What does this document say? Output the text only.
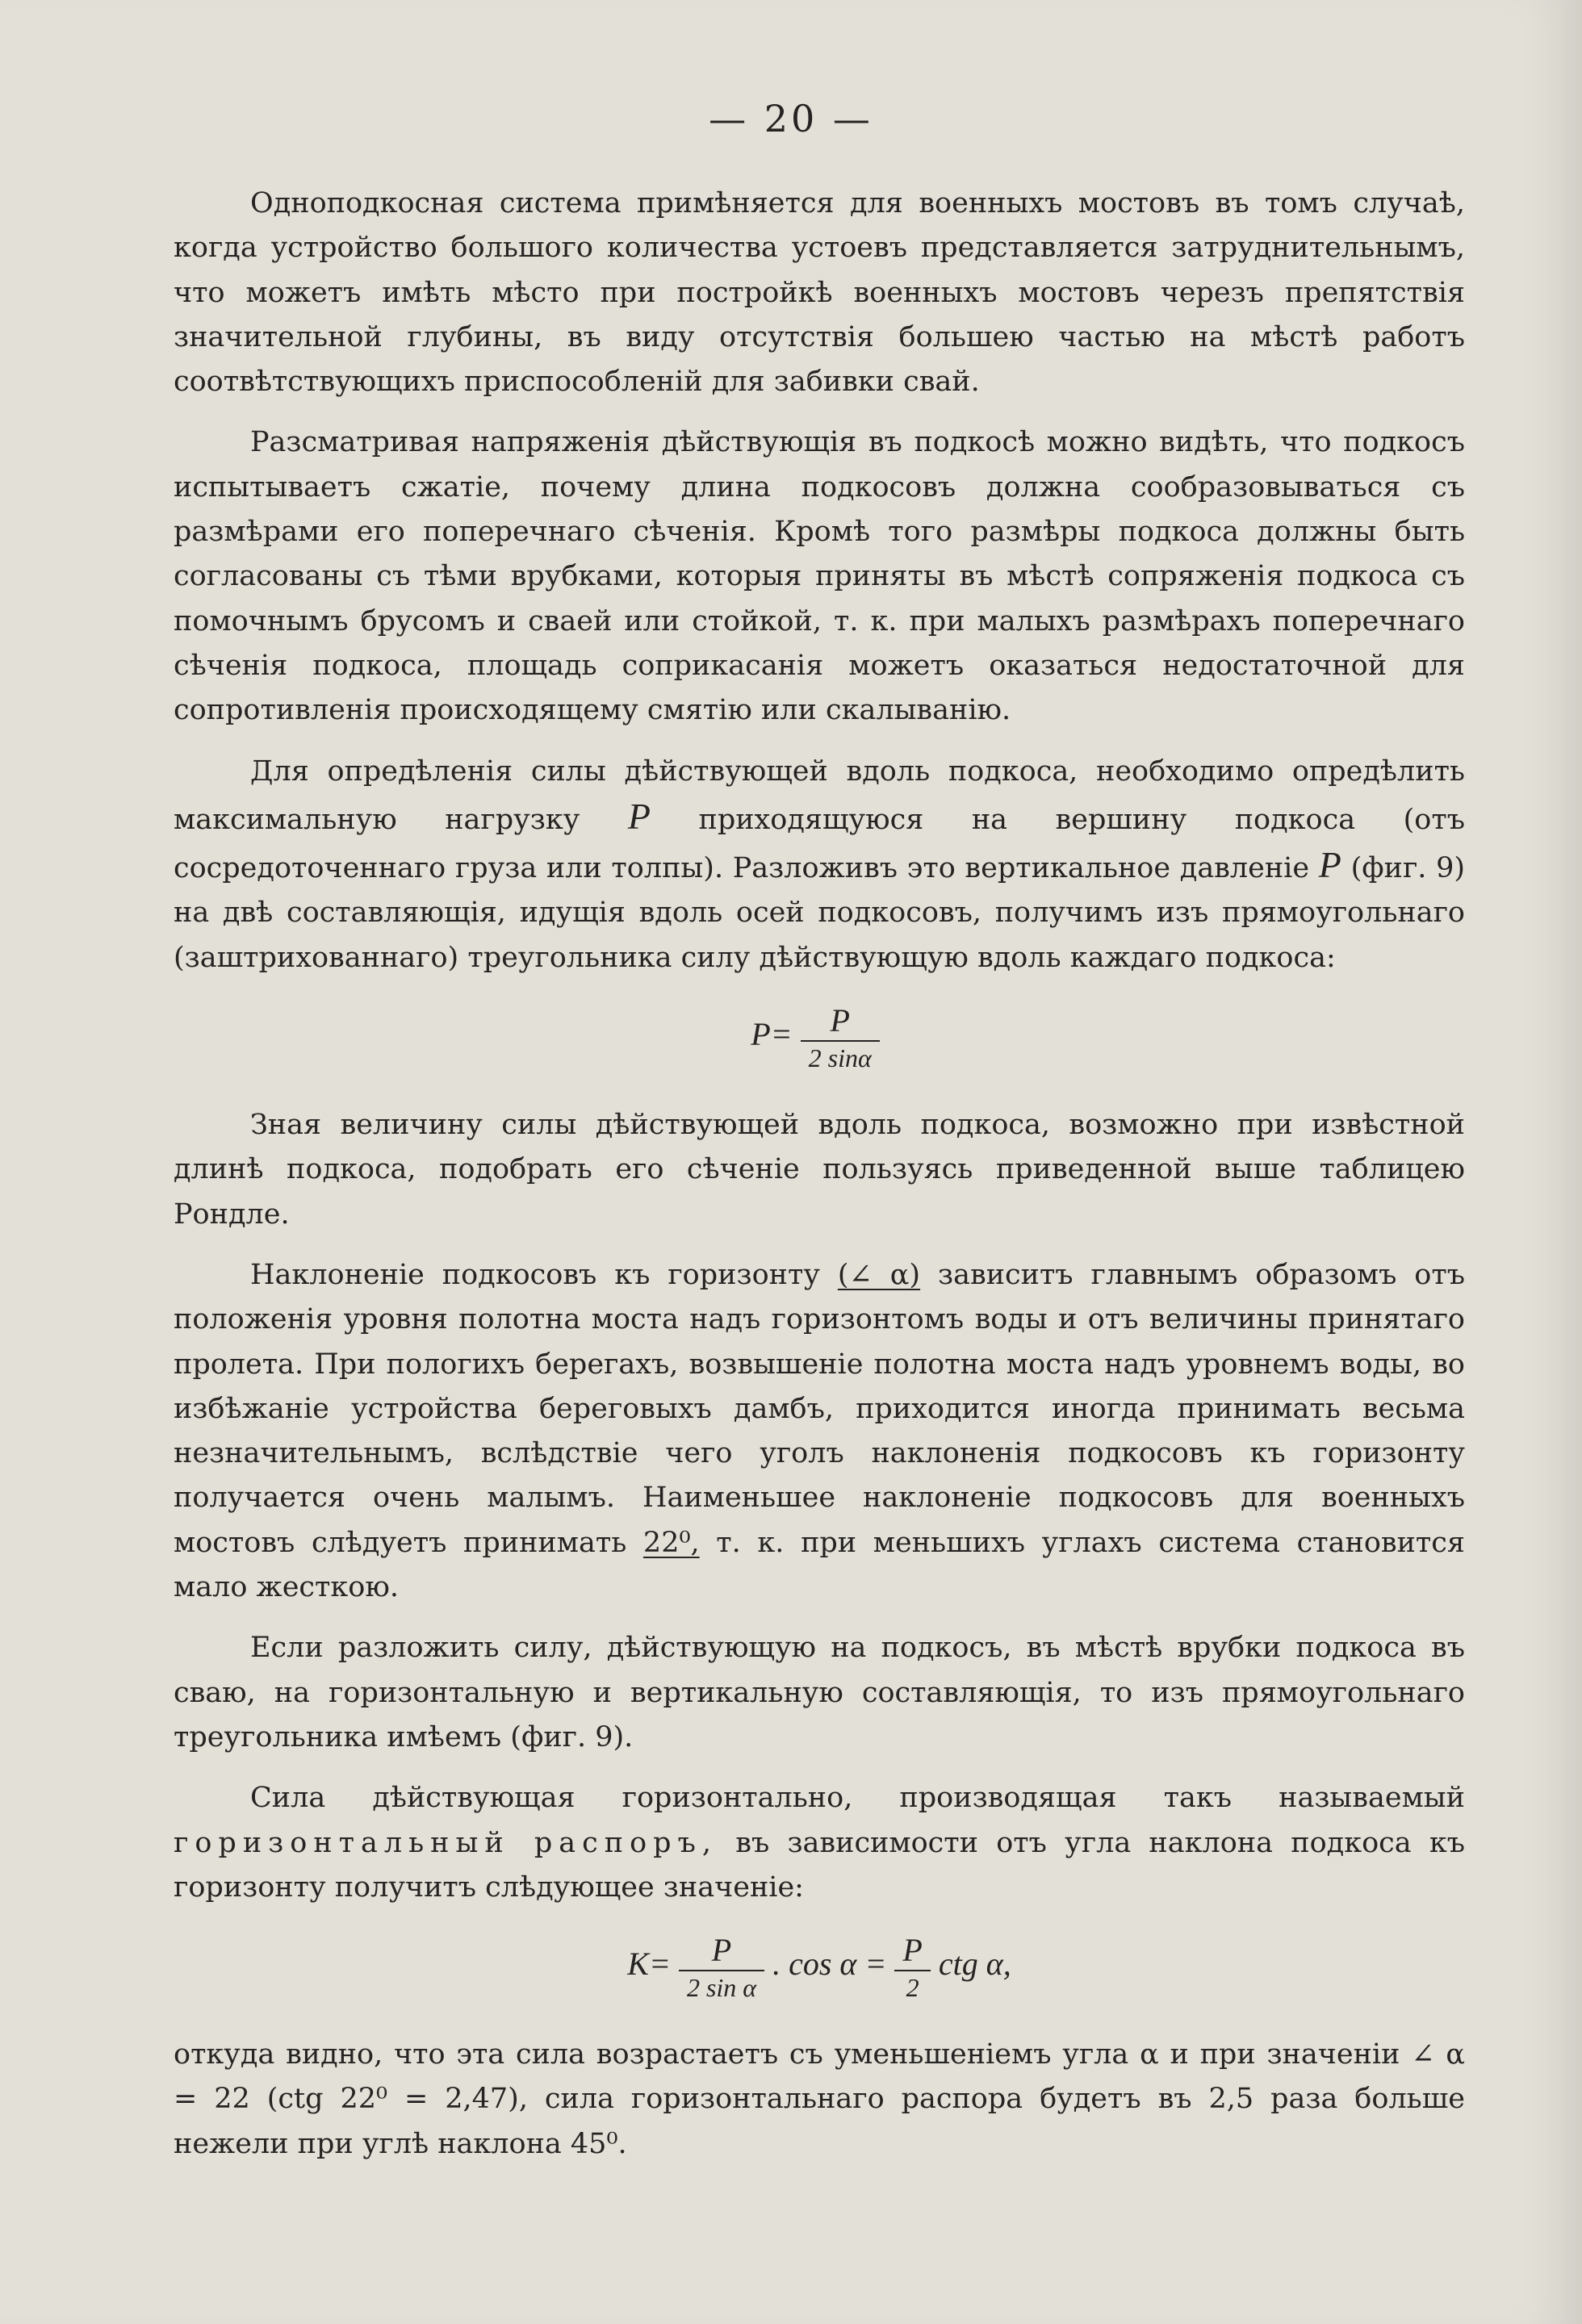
— 20 —

Одноподкосная система примѣняется для военныхъ мостовъ въ томъ случаѣ, когда устройство большого количества устоевъ представляется затруднительнымъ, что можетъ имѣть мѣсто при постройкѣ военныхъ мостовъ черезъ препятствія значительной глубины, въ виду отсутствія большею частью на мѣстѣ работъ соотвѣтствующихъ приспособленій для забивки свай.

Разсматривая напряженія дѣйствующія въ подкосѣ можно видѣть, что подкосъ испытываетъ сжатіе, почему длина подкосовъ должна сообразовываться съ размѣрами его поперечнаго сѣченія. Кромѣ того размѣры подкоса должны быть согласованы съ тѣми врубками, которыя приняты въ мѣстѣ сопряженія подкоса съ помочнымъ брусомъ и сваей или стойкой, т. к. при малыхъ размѣрахъ поперечнаго сѣченія подкоса, площадь соприкасанія можетъ оказаться недостаточной для сопротивленія происходящему смятію или скалыванію.

Для опредѣленія силы дѣйствующей вдоль подкоса, необходимо опредѣлить максимальную нагрузку P приходящуюся на вершину подкоса (отъ сосредоточеннаго груза или толпы). Разложивъ это вертикальное давленіе P (фиг. 9) на двѣ составляющія, идущія вдоль осей подкосовъ, получимъ изъ прямоугольнаго (заштрихованнаго) треугольника силу дѣйствующую вдоль каждаго подкоса:

$P= \frac{P}{2 \sin\alpha}$

Зная величину силы дѣйствующей вдоль подкоса, возможно при извѣстной длинѣ подкоса, подобрать его сѣченіе пользуясь приведенной выше таблицею Рондле.

Наклоненіе подкосовъ къ горизонту (∠ α) зависитъ главнымъ образомъ отъ положенія уровня полотна моста надъ горизонтомъ воды и отъ величины принятаго пролета. При пологихъ берегахъ, возвышеніе полотна моста надъ уровнемъ воды, во избѣжаніе устройства береговыхъ дамбъ, приходится иногда принимать весьма незначительнымъ, вслѣдствіе чего уголъ наклоненія подкосовъ къ горизонту получается очень малымъ. Наименьшее наклоненіе подкосовъ для военныхъ мостовъ слѣдуетъ принимать 22⁰, т. к. при меньшихъ углахъ система становится мало жесткою.

Если разложить силу, дѣйствующую на подкосъ, въ мѣстѣ врубки подкоса въ сваю, на горизонтальную и вертикальную составляющія, то изъ прямоугольнаго треугольника имѣемъ (фиг. 9).

Сила дѣйствующая горизонтально, производящая такъ называемый горизонтальный распоръ, въ зависимости отъ угла наклона подкоса къ горизонту получитъ слѣдующее значеніе:

$K= \frac{P}{\text{2 sin α}}$ . $\cos \alpha = \frac{P}{2}$ ctg α,

откуда видно, что эта сила возрастаетъ съ уменьшеніемъ угла α и при значеніи ∠ α = 22 (ctg 22⁰ = 2,47), сила горизонтальнаго распора будетъ въ 2,5 раза больше нежели при углѣ наклона 45⁰.
